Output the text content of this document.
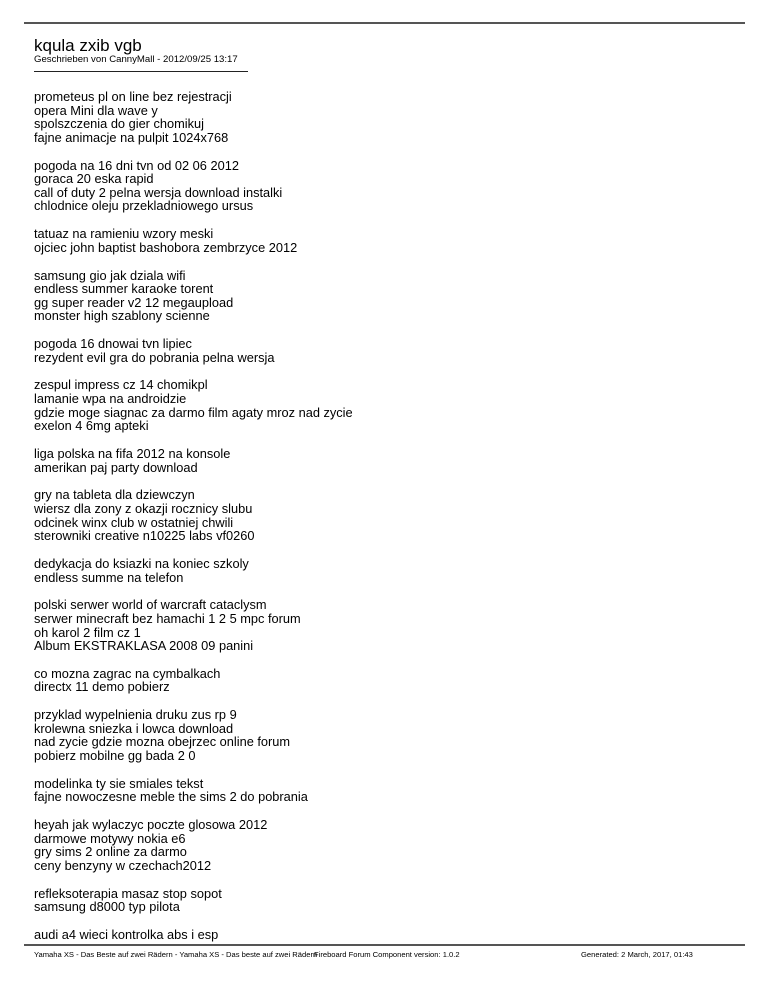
kqula zxib vgb
Geschrieben von CannyMall - 2012/09/25 13:17
prometeus pl on line bez rejestracji
opera Mini dla wave y
spolszczenia do gier chomikuj
fajne animacje na pulpit 1024x768
pogoda na 16 dni tvn od 02 06 2012
goraca 20 eska rapid
call of duty 2 pelna wersja download instalki
chlodnice oleju przekladniowego ursus
tatuaz na ramieniu wzory meski
ojciec john baptist bashobora zembrzyce 2012
samsung gio jak dziala wifi
endless summer karaoke torent
gg super reader v2 12 megaupload
monster high szablony scienne
pogoda 16 dnowai tvn lipiec
rezydent evil gra do pobrania pelna wersja
zespul impress cz 14 chomikpl
lamanie wpa na androidzie
gdzie moge siagnac za darmo film agaty mroz nad zycie
exelon 4 6mg apteki
liga polska na fifa 2012 na konsole
amerikan paj party download
gry na tableta dla dziewczyn
wiersz dla zony z okazji rocznicy slubu
odcinek winx club w ostatniej chwili
sterowniki creative n10225 labs vf0260
dedykacja do ksiazki na koniec szkoly
endless summe na telefon
polski serwer world of warcraft cataclysm
serwer minecraft bez hamachi 1 2 5 mpc forum
oh karol 2 film cz 1
Album EKSTRAKLASA 2008 09 panini
co mozna zagrac na cymbalkach
directx 11 demo pobierz
przyklad wypelnienia druku zus rp 9
krolewna sniezka i lowca download
nad zycie gdzie mozna obejrzec online forum
pobierz mobilne gg bada 2 0
modelinka ty sie smiales tekst
fajne nowoczesne meble the sims 2 do pobrania
heyah jak wylaczyc poczte glosowa 2012
darmowe motywy nokia e6
gry sims 2 online za darmo
ceny benzyny w czechach2012
refleksoterapia masaz stop sopot
samsung d8000 typ pilota
audi a4 wieci kontrolka abs i esp
Yamaha XS - Das Beste auf zwei Rädern - Yamaha XS - Das beste auf zwei Rädern
Fireboard Forum Component version: 1.0.2	Generated: 2 March, 2017, 01:43
